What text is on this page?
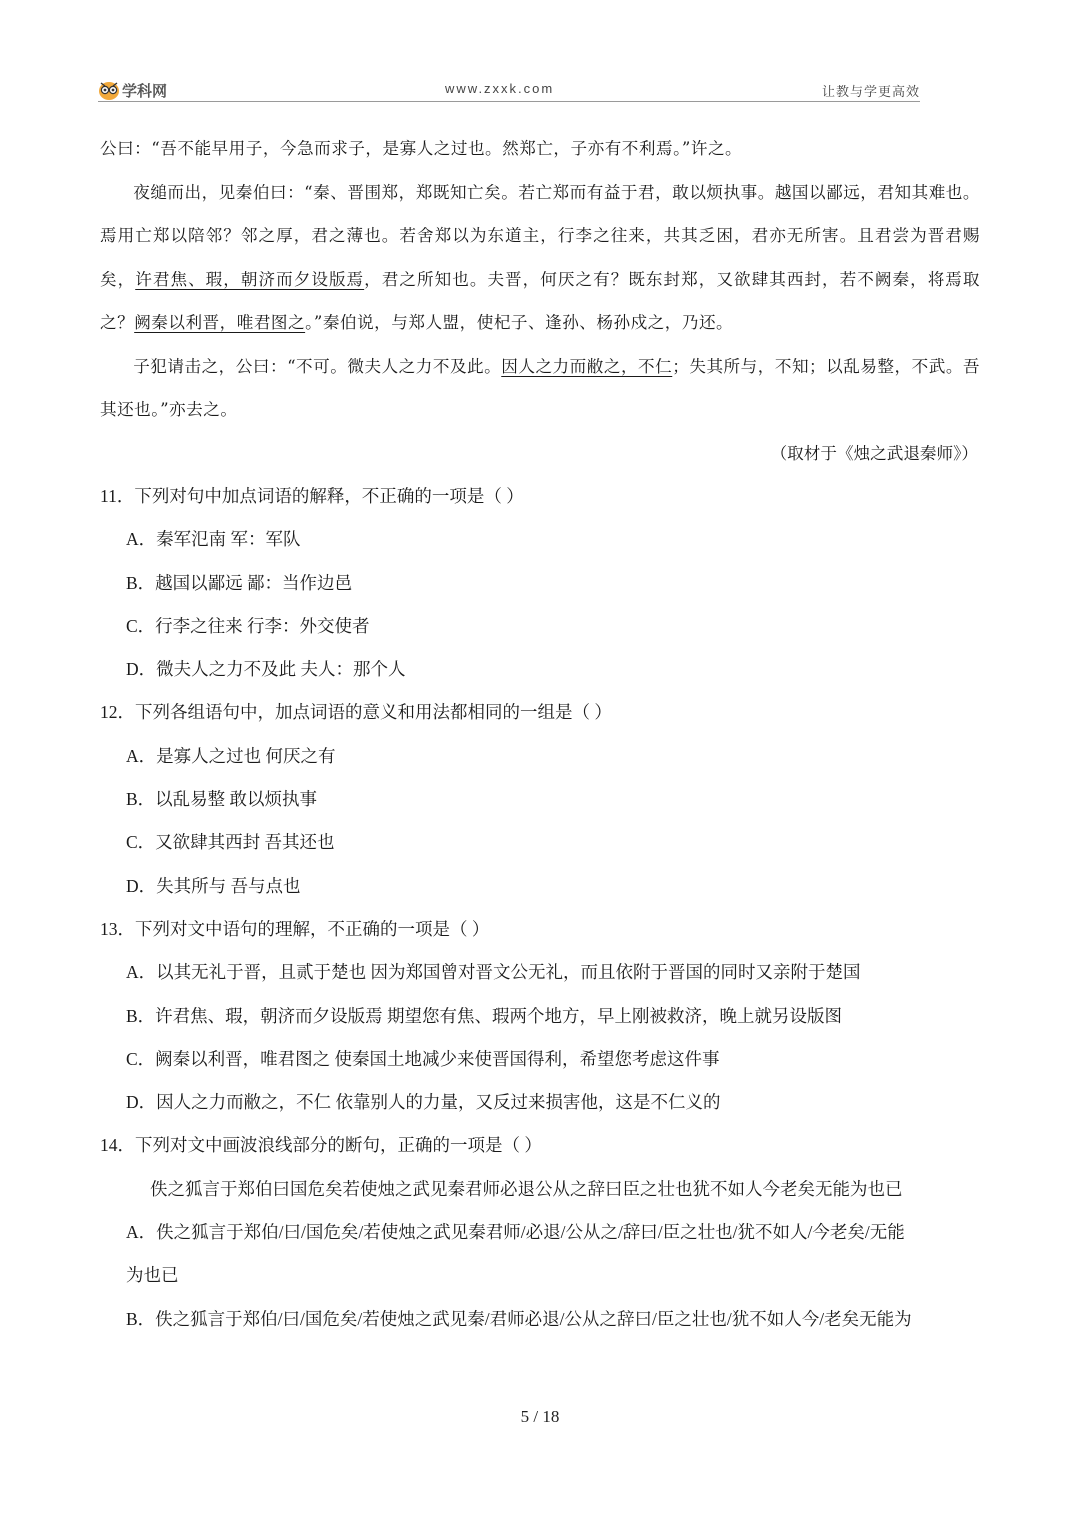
学科网	www.zxxk.com	让教与学更高效

公曰：“吾不能早用子，今急而求子，是寡人之过也。然郑亡，子亦有不利焉。”许之。

夜缒而出，见秦伯曰：“秦、晋围郑，郑既知亡矣。若亡郑而有益于君，敢以烦执事。越国以鄙远，君知其难也。焉用亡郑以陪邻？邻之厚，君之薄也。若舍郑以为东道主，行李之往来，共其乏困，君亦无所害。且君尝为晋君赐矣，许君焦、瑕，朝济而夕设版焉，君之所知也。夫晋，何厌之有？既东封郑，又欲肆其西封，若不阙秦，将焉取之？阙秦以利晋，唯君图之。”秦伯说，与郑人盟，使杞子、逢孙、杨孙戍之，乃还。

子犯请击之，公曰：“不可。微夫人之力不及此。因人之力而敝之，不仁；失其所与，不知；以乱易整，不武。吾其还也。”亦去之。

（取材于《烛之武退秦师》）

11．下列对句中加点词语的解释，不正确的一项是（ ）

A．秦军氾南 军：军队

B．越国以鄙远 鄙：当作边邑

C．行李之往来 行李：外交使者

D．微夫人之力不及此 夫人：那个人

12．下列各组语句中，加点词语的意义和用法都相同的一组是（ ）

A．是寡人之过也 何厌之有

B．以乱易整 敢以烦执事

C．又欲肆其西封 吾其还也

D．失其所与 吾与点也

13．下列对文中语句的理解，不正确的一项是（ ）

A．以其无礼于晋，且贰于楚也 因为郑国曾对晋文公无礼，而且依附于晋国的同时又亲附于楚国

B．许君焦、瑕，朝济而夕设版焉 期望您有焦、瑕两个地方，早上刚被救济，晚上就另设版图

C．阙秦以利晋，唯君图之 使秦国土地减少来使晋国得利，希望您考虑这件事

D．因人之力而敝之，不仁 依靠别人的力量，又反过来损害他，这是不仁义的

14．下列对文中画波浪线部分的断句，正确的一项是（ ）

佚之狐言于郑伯曰国危矣若使烛之武见秦君师必退公从之辞曰臣之壮也犹不如人今老矣无能为也已

A．佚之狐言于郑伯/曰/国危矣/若使烛之武见秦君师/必退/公从之/辞曰/臣之壮也/犹不如人/今老矣/无能

为也已

B．佚之狐言于郑伯/曰/国危矣/若使烛之武见秦/君师必退/公从之辞曰/臣之壮也/犹不如人今/老矣无能为

5 / 18
